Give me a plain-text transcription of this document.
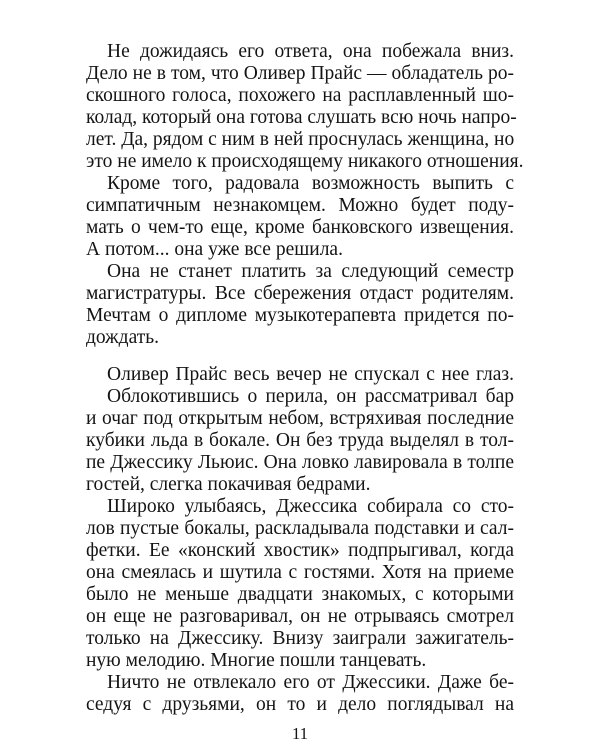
Не дожидаясь его ответа, она побежала вниз.
Дело не в том, что Оливер Прайс — обладатель ро-
скошного голоса, похожего на расплавленный шо-
колад, который она готова слушать всю ночь напро-
лет. Да, рядом с ним в ней проснулась женщина, но
это не имело к происходящему никакого отношения.
Кроме того, радовала возможность выпить с
симпатичным незнакомцем. Можно будет поду-
мать о чем-то еще, кроме банковского извещения.
А потом... она уже все решила.
Она не станет платить за следующий семестр
магистратуры. Все сбережения отдаст родителям.
Мечтам о дипломе музыкотерапевта придется по-
дождать.
Оливер Прайс весь вечер не спускал с нее глаз.
Облокотившись о перила, он рассматривал бар
и очаг под открытым небом, встряхивая последние
кубики льда в бокале. Он без труда выделял в тол-
пе Джессику Льюис. Она ловко лавировала в толпе
гостей, слегка покачивая бедрами.
Широко улыбаясь, Джессика собирала со сто-
лов пустые бокалы, раскладывала подставки и сал-
фетки. Ее «конский хвостик» подпрыгивал, когда
она смеялась и шутила с гостями. Хотя на приеме
было не меньше двадцати знакомых, с которыми
он еще не разговаривал, он не отрываясь смотрел
только на Джессику. Внизу заиграли зажигатель-
ную мелодию. Многие пошли танцевать.
Ничто не отвлекало его от Джессики. Даже бе-
седуя с друзьями, он то и дело поглядывал на
11
